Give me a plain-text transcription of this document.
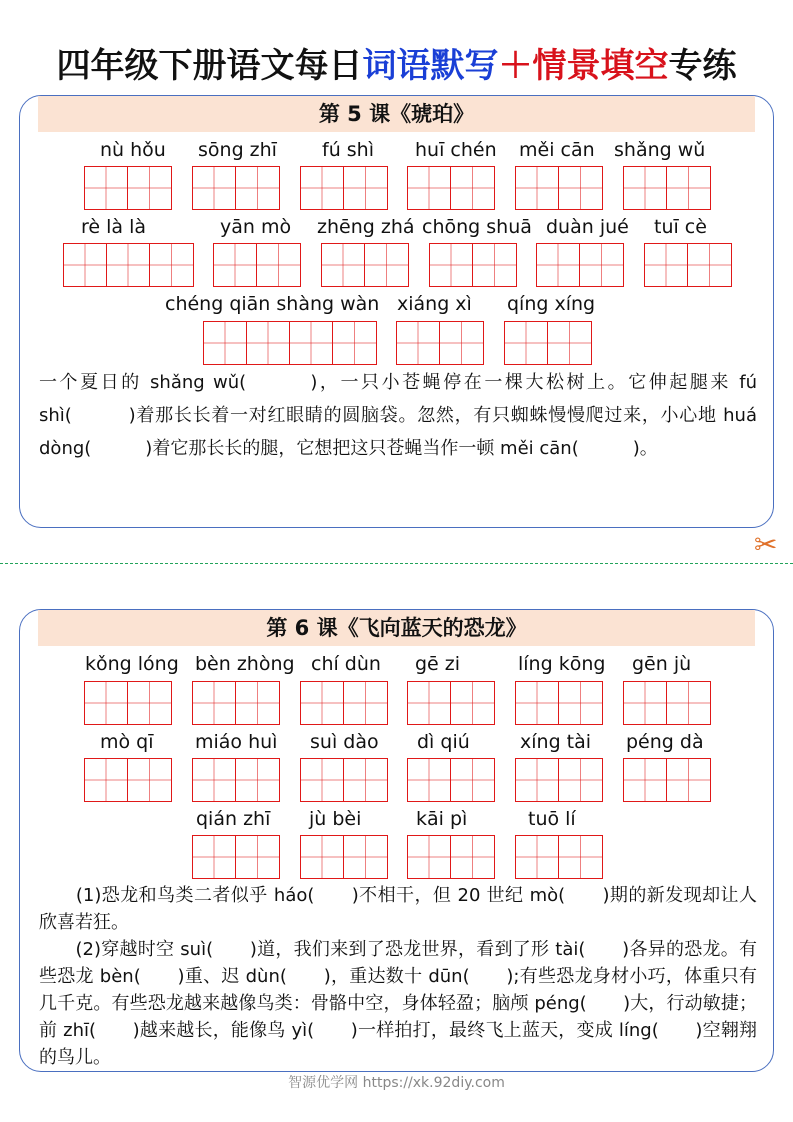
四年级下册语文每日词语默写＋情景填空专练
第 5 课《琥珀》
nù hǒu sōng zhī fú shì huī chén měi cān shǎng wǔ
rè là là	yān mò zhēng zhá chōng shuā duàn jué tuī cè
chéng qiān shàng wàn xiáng xì qíng xíng
一个夏日的 shǎng wǔ(　　　)，一只小苍蝇停在一棵大松树上。它伸起腿来 fú shì(　　　)着那长长着一对红眼睛的圆脑袋。忽然，有只蜘蛛慢慢爬过来，小心地 huá dòng(　　　)着它那长长的腿，它想把这只苍蝇当作一顿 měi cān(　　　)。
✂
第 6 课《飞向蓝天的恐龙》
kǒng lóng bèn zhòng chí dùn gē zi	líng kōng gēn jù
mò qī miáo huì suì dào dì qiú	xíng tài péng dà
qián zhī jù bèi	kāi pì	tuō lí
　　(1)恐龙和鸟类二者似乎 háo(　　)不相干，但 20 世纪 mò(　　)期的新发现却让人欣喜若狂。
　　(2)穿越时空 suì(　　)道，我们来到了恐龙世界，看到了形 tài(　　)各异的恐龙。有些恐龙 bèn(　　)重、迟 dùn(　　)，重达数十 dūn(　　);有些恐龙身材小巧，体重只有几千克。有些恐龙越来越像鸟类：骨骼中空，身体轻盈；脑颅 péng(　　)大，行动敏捷；前 zhī(　　)越来越长，能像鸟 yì(　　)一样拍打，最终飞上蓝天，变成 líng(　　)空翱翔的鸟儿。
智源优学网 https://xk.92diy.com
